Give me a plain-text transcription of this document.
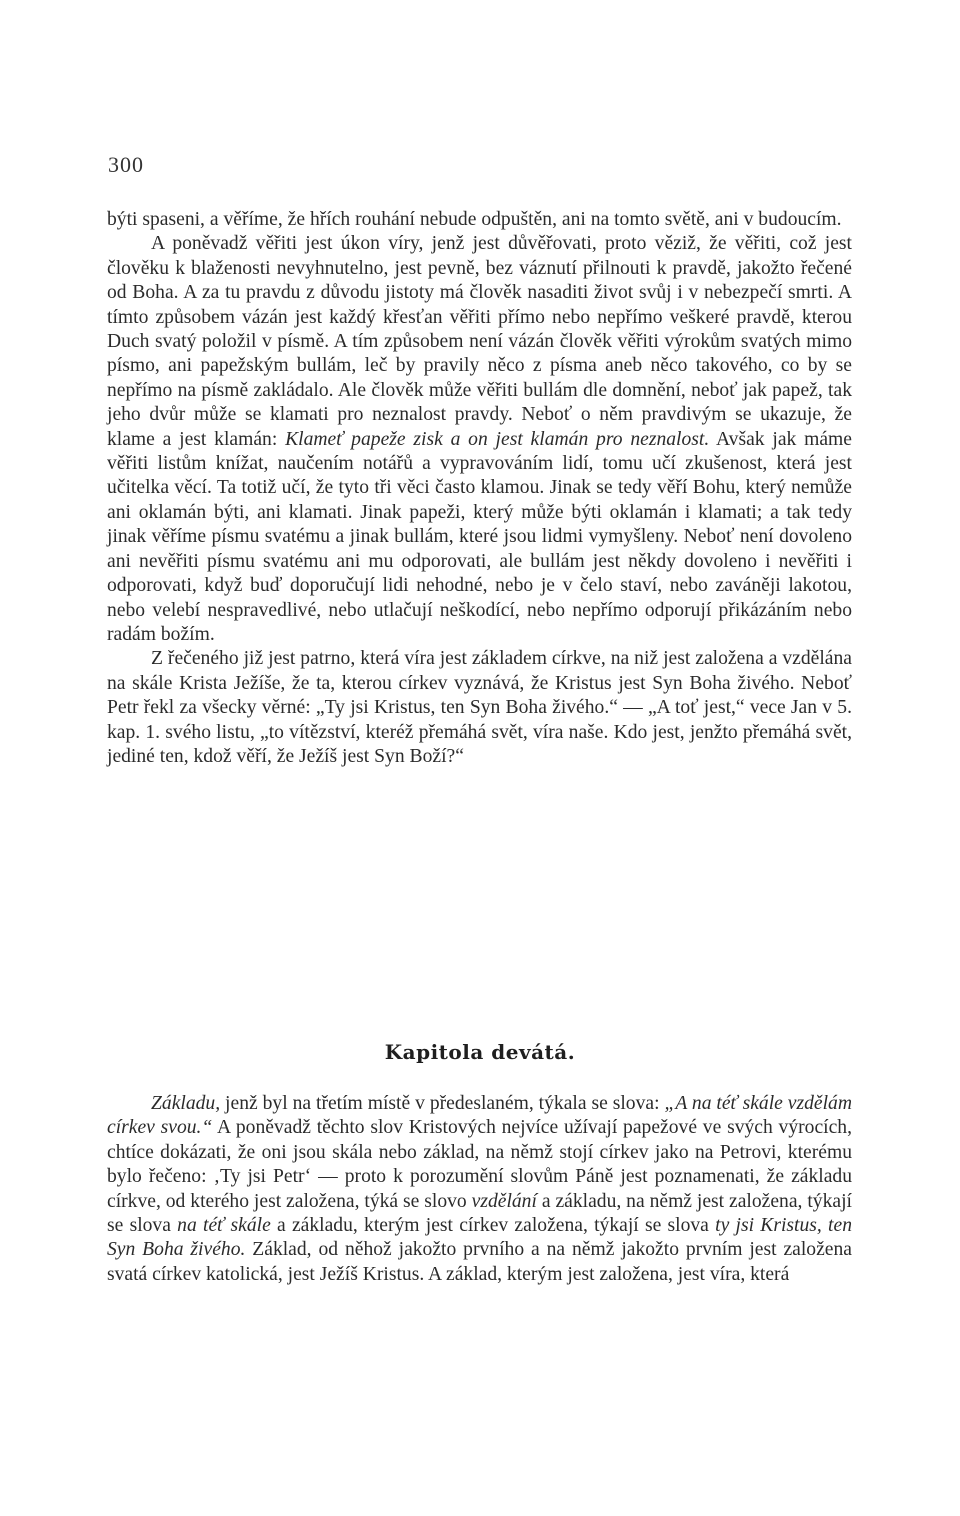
300

býti spaseni, a věříme, že hřích rouhání nebude odpuštěn, ani na tomto světě, ani v budoucím.

A poněvadž věřiti jest úkon víry, jenž jest důvěřovati, proto věziž, že věřiti, což jest člověku k blaženosti nevyhnutelno, jest pevně, bez váznutí přilnouti k pravdě, jakožto řečené od Boha. A za tu pravdu z důvodu jistoty má člověk nasaditi život svůj i v nebezpečí smrti. A tímto způsobem vázán jest každý křesťan věřiti přímo nebo nepřímo veškeré pravdě, kterou Duch svatý položil v písmě. A tím způsobem není vázán člověk věřiti výrokům svatých mimo písmo, ani papežským bullám, leč by pravily něco z písma aneb něco takového, co by se nepřímo na písmě zakládalo. Ale člověk může věřiti bullám dle domnění, neboť jak papež, tak jeho dvůr může se klamati pro neznalost pravdy. Neboť o něm pravdivým se ukazuje, že klame a jest klamán: Klameť papeže zisk a on jest klamán pro neznalost. Avšak jak máme věřiti listům knížat, naučením notářů a vypravováním lidí, tomu učí zkušenost, která jest učitelka věcí. Ta totiž učí, že tyto tři věci často klamou. Jinak se tedy věří Bohu, který nemůže ani oklamán býti, ani klamati. Jinak papeži, který může býti oklamán i klamati; a tak tedy jinak věříme písmu svatému a jinak bullám, které jsou lidmi vymyšleny. Neboť není dovoleno ani nevěřiti písmu svatému ani mu odporovati, ale bullám jest někdy dovoleno i nevěřiti i odporovati, když buď doporučují lidi nehodné, nebo je v čelo staví, nebo zaváněji lakotou, nebo velebí nespravedlivé, nebo utlačují neškodící, nebo nepřímo odporují přikázáním nebo radám božím.

Z řečeného již jest patrno, která víra jest základem církve, na niž jest založena a vzdělána na skále Krista Ježíše, že ta, kterou církev vyznává, že Kristus jest Syn Boha živého. Neboť Petr řekl za všecky věrné: „Ty jsi Kristus, ten Syn Boha živého.“ — „A toť jest,“ vece Jan v 5. kap. 1. svého listu, „to vítězství, kteréž přemáhá svět, víra naše. Kdo jest, jenžto přemáhá svět, jediné ten, kdož věří, že Ježíš jest Syn Boží?“

Kapitola devátá.

Základu, jenž byl na třetím místě v předeslaném, týkala se slova: „A na téť skále vzdělám církev svou.“ A poněvadž těchto slov Kristových nejvíce užívají papežové ve svých výrocích, chtíce dokázati, že oni jsou skála nebo základ, na němž stojí církev jako na Petrovi, kterému bylo řečeno: ‚Ty jsi Petr‘ — proto k porozumění slovům Páně jest poznamenati, že základu církve, od kterého jest založena, týká se slovo vzdělání a základu, na němž jest založena, týkají se slova na téť skále a základu, kterým jest církev založena, týkají se slova ty jsi Kristus, ten Syn Boha živého. Základ, od něhož jakožto prvního a na němž jakožto prvním jest založena svatá církev katolická, jest Ježíš Kristus. A základ, kterým jest založena, jest víra, která
